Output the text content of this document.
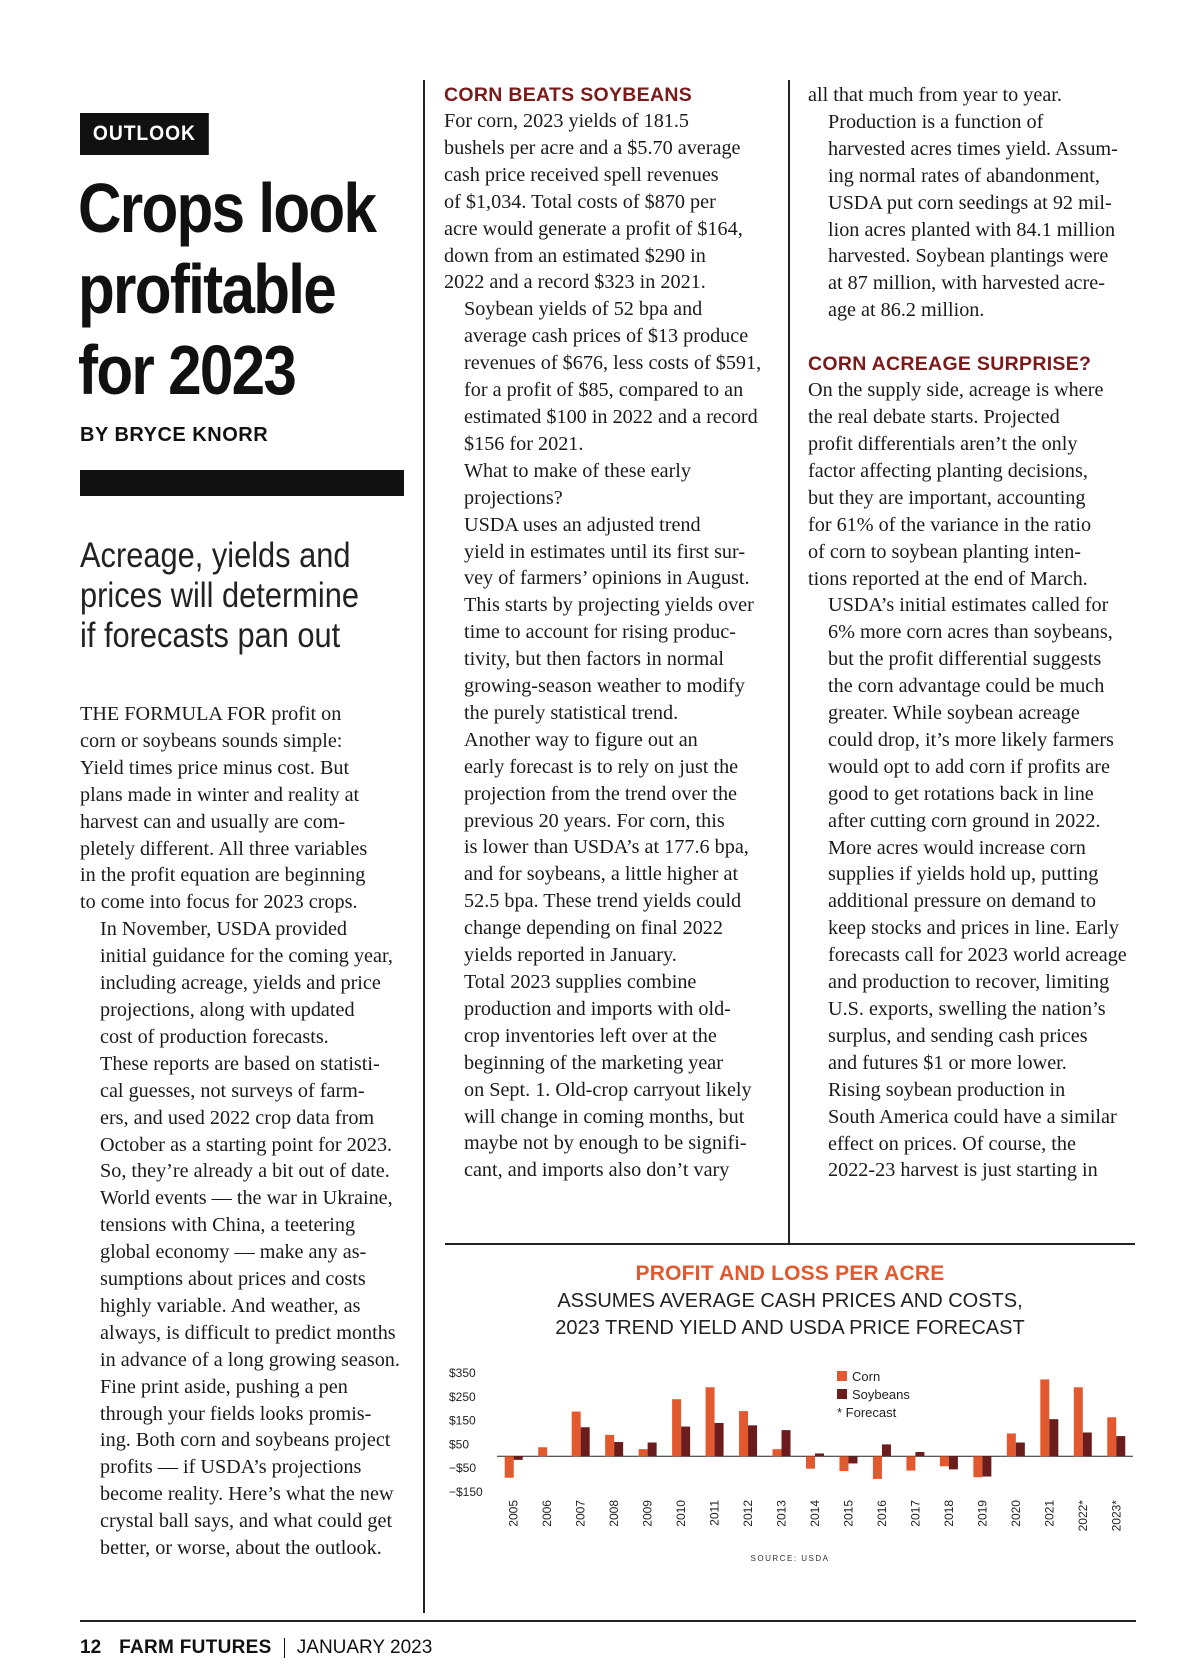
OUTLOOK
Crops look
profitable
for 2023
BY BRYCE KNORR
Acreage, yields and
prices will determine
if forecasts pan out

THE FORMULA FOR profit on
corn or soybeans sounds simple:
Yield times price minus cost. But
plans made in winter and reality at
harvest can and usually are com-
pletely different. All three variables
in the profit equation are beginning
to come into focus for 2023 crops.

In November, USDA provided
initial guidance for the coming year,
including acreage, yields and price
projections, along with updated
cost of production forecasts.

These reports are based on statisti-
cal guesses, not surveys of farm-
ers, and used 2022 crop data from
October as a starting point for 2023.
So, they’re already a bit out of date.
World events — the war in Ukraine,
tensions with China, a teetering
global economy — make any as-
sumptions about prices and costs
highly variable. And weather, as
always, is difficult to predict months
in advance of a long growing season.

Fine print aside, pushing a pen
through your fields looks promis-
ing. Both corn and soybeans project
profits — if USDA’s projections
become reality. Here’s what the new
crystal ball says, and what could get
better, or worse, about the outlook.

CORN BEATS SOYBEANS

For corn, 2023 yields of 181.5
bushels per acre and a $5.70 average
cash price received spell revenues
of $1,034. Total costs of $870 per
acre would generate a profit of $164,
down from an estimated $290 in
2022 and a record $323 in 2021.

Soybean yields of 52 bpa and
average cash prices of $13 produce
revenues of $676, less costs of $591,
for a profit of $85, compared to an
estimated $100 in 2022 and a record
$156 for 2021.

What to make of these early
projections?

USDA uses an adjusted trend
yield in estimates until its first sur-
vey of farmers’ opinions in August.
This starts by projecting yields over
time to account for rising produc-
tivity, but then factors in normal
growing-season weather to modify
the purely statistical trend.

Another way to figure out an
early forecast is to rely on just the
projection from the trend over the
previous 20 years. For corn, this
is lower than USDA’s at 177.6 bpa,
and for soybeans, a little higher at
52.5 bpa. These trend yields could
change depending on final 2022
yields reported in January.

Total 2023 supplies combine
production and imports with old-
crop inventories left over at the
beginning of the marketing year
on Sept. 1. Old-crop carryout likely
will change in coming months, but
maybe not by enough to be signifi-
cant, and imports also don’t vary

all that much from year to year.

Production is a function of
harvested acres times yield. Assum-
ing normal rates of abandonment,
USDA put corn seedings at 92 mil-
lion acres planted with 84.1 million
harvested. Soybean plantings were
at 87 million, with harvested acre-
age at 86.2 million.

CORN ACREAGE SURPRISE?

On the supply side, acreage is where
the real debate starts. Projected
profit differentials aren’t the only
factor affecting planting decisions,
but they are important, accounting
for 61% of the variance in the ratio
of corn to soybean planting inten-
tions reported at the end of March.

USDA’s initial estimates called for
6% more corn acres than soybeans,
but the profit differential suggests
the corn advantage could be much
greater. While soybean acreage
could drop, it’s more likely farmers
would opt to add corn if profits are
good to get rotations back in line
after cutting corn ground in 2022.

More acres would increase corn
supplies if yields hold up, putting
additional pressure on demand to
keep stocks and prices in line. Early
forecasts call for 2023 world acreage
and production to recover, limiting
U.S. exports, swelling the nation’s
surplus, and sending cash prices
and futures $1 or more lower.

Rising soybean production in
South America could have a similar
effect on prices. Of course, the
2022-23 harvest is just starting in

PROFIT AND LOSS PER ACRE
ASSUMES AVERAGE CASH PRICES AND COSTS,
2023 TREND YIELD AND USDA PRICE FORECAST
$350
$250
$150
$50
−$50
−$150
2005 2006 2007 2008 2009 2010 2011 2012 2013 2014 2015 2016 2017 2018 2019 2020 2021 2022* 2023*
Corn
Soybeans
* Forecast
SOURCE: USDA
12 FARM FUTURES JANUARY 2023
